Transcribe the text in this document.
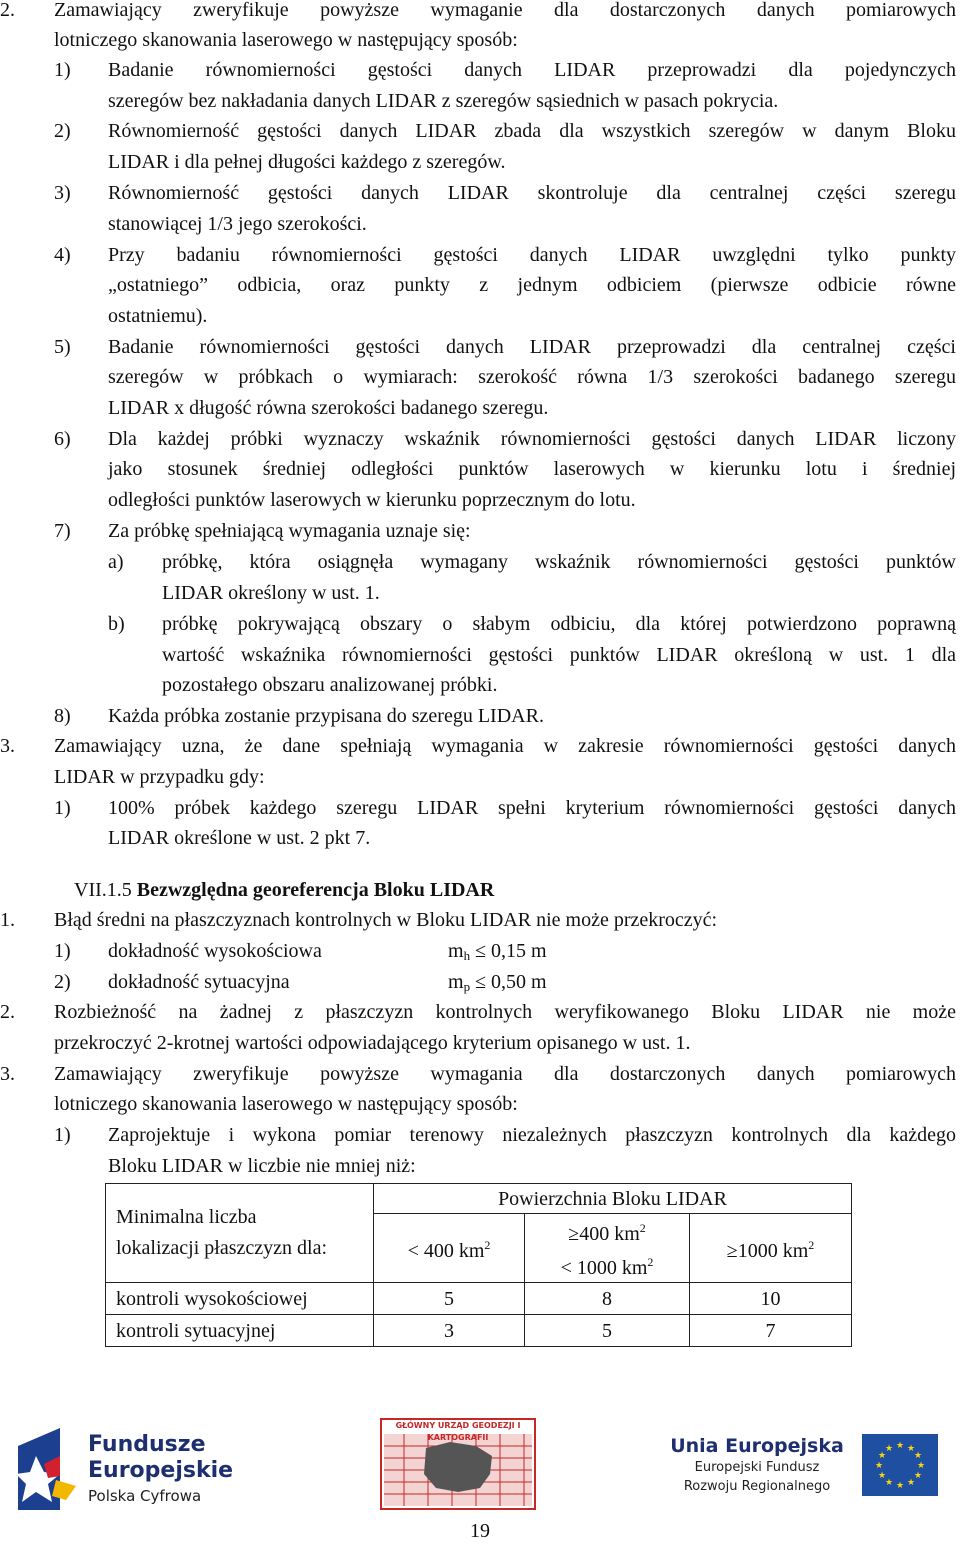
2. Zamawiający zweryfikuje powyższe wymaganie dla dostarczonych danych pomiarowych
lotniczego skanowania laserowego w następujący sposób:
1) Badanie równomierności gęstości danych LIDAR przeprowadzi dla pojedynczych
szeregów bez nakładania danych LIDAR z szeregów sąsiednich w pasach pokrycia.
2) Równomierność gęstości danych LIDAR zbada dla wszystkich szeregów w danym Bloku
LIDAR i dla pełnej długości każdego z szeregów.
3) Równomierność gęstości danych LIDAR skontroluje dla centralnej części szeregu
stanowiącej 1/3 jego szerokości.
4) Przy badaniu równomierności gęstości danych LIDAR uwzględni tylko punkty
„ostatniego” odbicia, oraz punkty z jednym odbiciem (pierwsze odbicie równe
ostatniemu).
5) Badanie równomierności gęstości danych LIDAR przeprowadzi dla centralnej części
szeregów w próbkach o wymiarach: szerokość równa 1/3 szerokości badanego szeregu
LIDAR x długość równa szerokości badanego szeregu.
6) Dla każdej próbki wyznaczy wskaźnik równomierności gęstości danych LIDAR liczony
jako stosunek średniej odległości punktów laserowych w kierunku lotu i średniej
odległości punktów laserowych w kierunku poprzecznym do lotu.
7) Za próbkę spełniającą wymagania uznaje się:
a) próbkę, która osiągnęła wymagany wskaźnik równomierności gęstości punktów
LIDAR określony w ust. 1.
b) próbkę pokrywającą obszary o słabym odbiciu, dla której potwierdzono poprawną
wartość wskaźnika równomierności gęstości punktów LIDAR określoną w ust. 1 dla
pozostałego obszaru analizowanej próbki.
8) Każda próbka zostanie przypisana do szeregu LIDAR.
3. Zamawiający uzna, że dane spełniają wymagania w zakresie równomierności gęstości danych
LIDAR w przypadku gdy:
1) 100% próbek każdego szeregu LIDAR spełni kryterium równomierności gęstości danych
LIDAR określone w ust. 2 pkt 7.
VII.1.5 Bezwzględna georeferencja Bloku LIDAR
1. Błąd średni na płaszczyznach kontrolnych w Bloku LIDAR nie może przekroczyć:
1) dokładność wysokościowa	$m_h \le 0,15$ m
2) dokładność sytuacyjna	$m_p \le 0,50$ m
2. Rozbieżność na żadnej z płaszczyzn kontrolnych weryfikowanego Bloku LIDAR nie może
przekroczyć 2-krotnej wartości odpowiadającego kryterium opisanego w ust. 1.
3. Zamawiający zweryfikuje powyższe wymagania dla dostarczonych danych pomiarowych
lotniczego skanowania laserowego w następujący sposób:
1) Zaprojektuje i wykona pomiar terenowy niezależnych płaszczyzn kontrolnych dla każdego
Bloku LIDAR w liczbie nie mniej niż:
Minimalna liczba
lokalizacji płaszczyzn dla:	Powierzchnia Bloku LIDAR		
	< 400 $km^2$	≥400 $km^2$
< 1000 $km^2$	≥1000 $km^2$
kontroli wysokościowej	5	8	10
kontroli sytuacyjnej	3	5	7
Fundusze
Europejskie
Polska Cyfrowa
GŁÓWNY URZĄD GEODEZJI I KARTOGRAFII	Unia Europejska
Europejski Fundusz
Rozwoju Regionalnego
★ ★
★
★
★
★
★
★
★
★
★
★
19
